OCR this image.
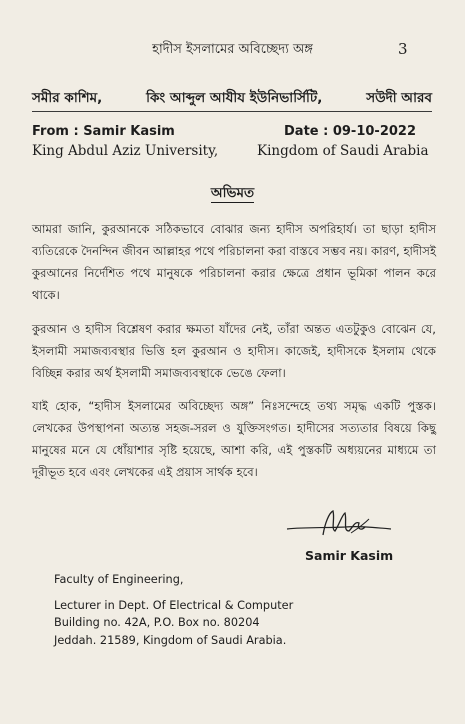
হাদীস ইসলামের অবিচ্ছেদ্য অঙ্গ	3
সমীর কাশিম,	কিং আব্দুল আযীয ইউনিভার্সিটি,	সউদী আরব
From : Samir Kasim	Date : 09-10-2022
King Abdul Aziz University,	Kingdom of Saudi Arabia
অভিমত
আমরা জানি, কুরআনকে সঠিকভাবে বোঝার জন্য হাদীস অপরিহার্য। তা ছাড়া হাদীস ব্যতিরেকে দৈনন্দিন জীবন আল্লাহর পথে পরিচালনা করা বাস্তবে সম্ভব নয়। কারণ, হাদীসই কুরআনের নির্দেশিত পথে মানুষকে পরিচালনা করার ক্ষেত্রে প্রধান ভূমিকা পালন করে থাকে।
কুরআন ও হাদীস বিশ্লেষণ করার ক্ষমতা যাঁদের নেই, তাঁরা অন্তত এতটুকুও বোঝেন যে, ইসলামী সমাজব্যবস্থার ভিত্তি হল কুরআন ও হাদীস। কাজেই, হাদীসকে ইসলাম থেকে বিচ্ছিন্ন করার অর্থ ইসলামী সমাজব্যবস্থাকে ভেঙে ফেলা।
যাই হোক, “হাদীস ইসলামের অবিচ্ছেদ্য অঙ্গ” নিঃসন্দেহে তথ্য সমৃদ্ধ একটি পুস্তক। লেখকের উপস্থাপনা অত্যন্ত সহজ-সরল ও যুক্তিসংগত। হাদীসের সত্যতার বিষয়ে কিছু মানুষের মনে যে ধোঁয়াশার সৃষ্টি হয়েছে, আশা করি, এই পুস্তকটি অধ্যয়নের মাধ্যমে তা দূরীভূত হবে এবং লেখকের এই প্রয়াস সার্থক হবে।
Samir Kasim
Faculty of Engineering,
Lecturer in Dept. Of Electrical & Computer
Building no. 42A, P.O. Box no. 80204
Jeddah. 21589, Kingdom of Saudi Arabia.
